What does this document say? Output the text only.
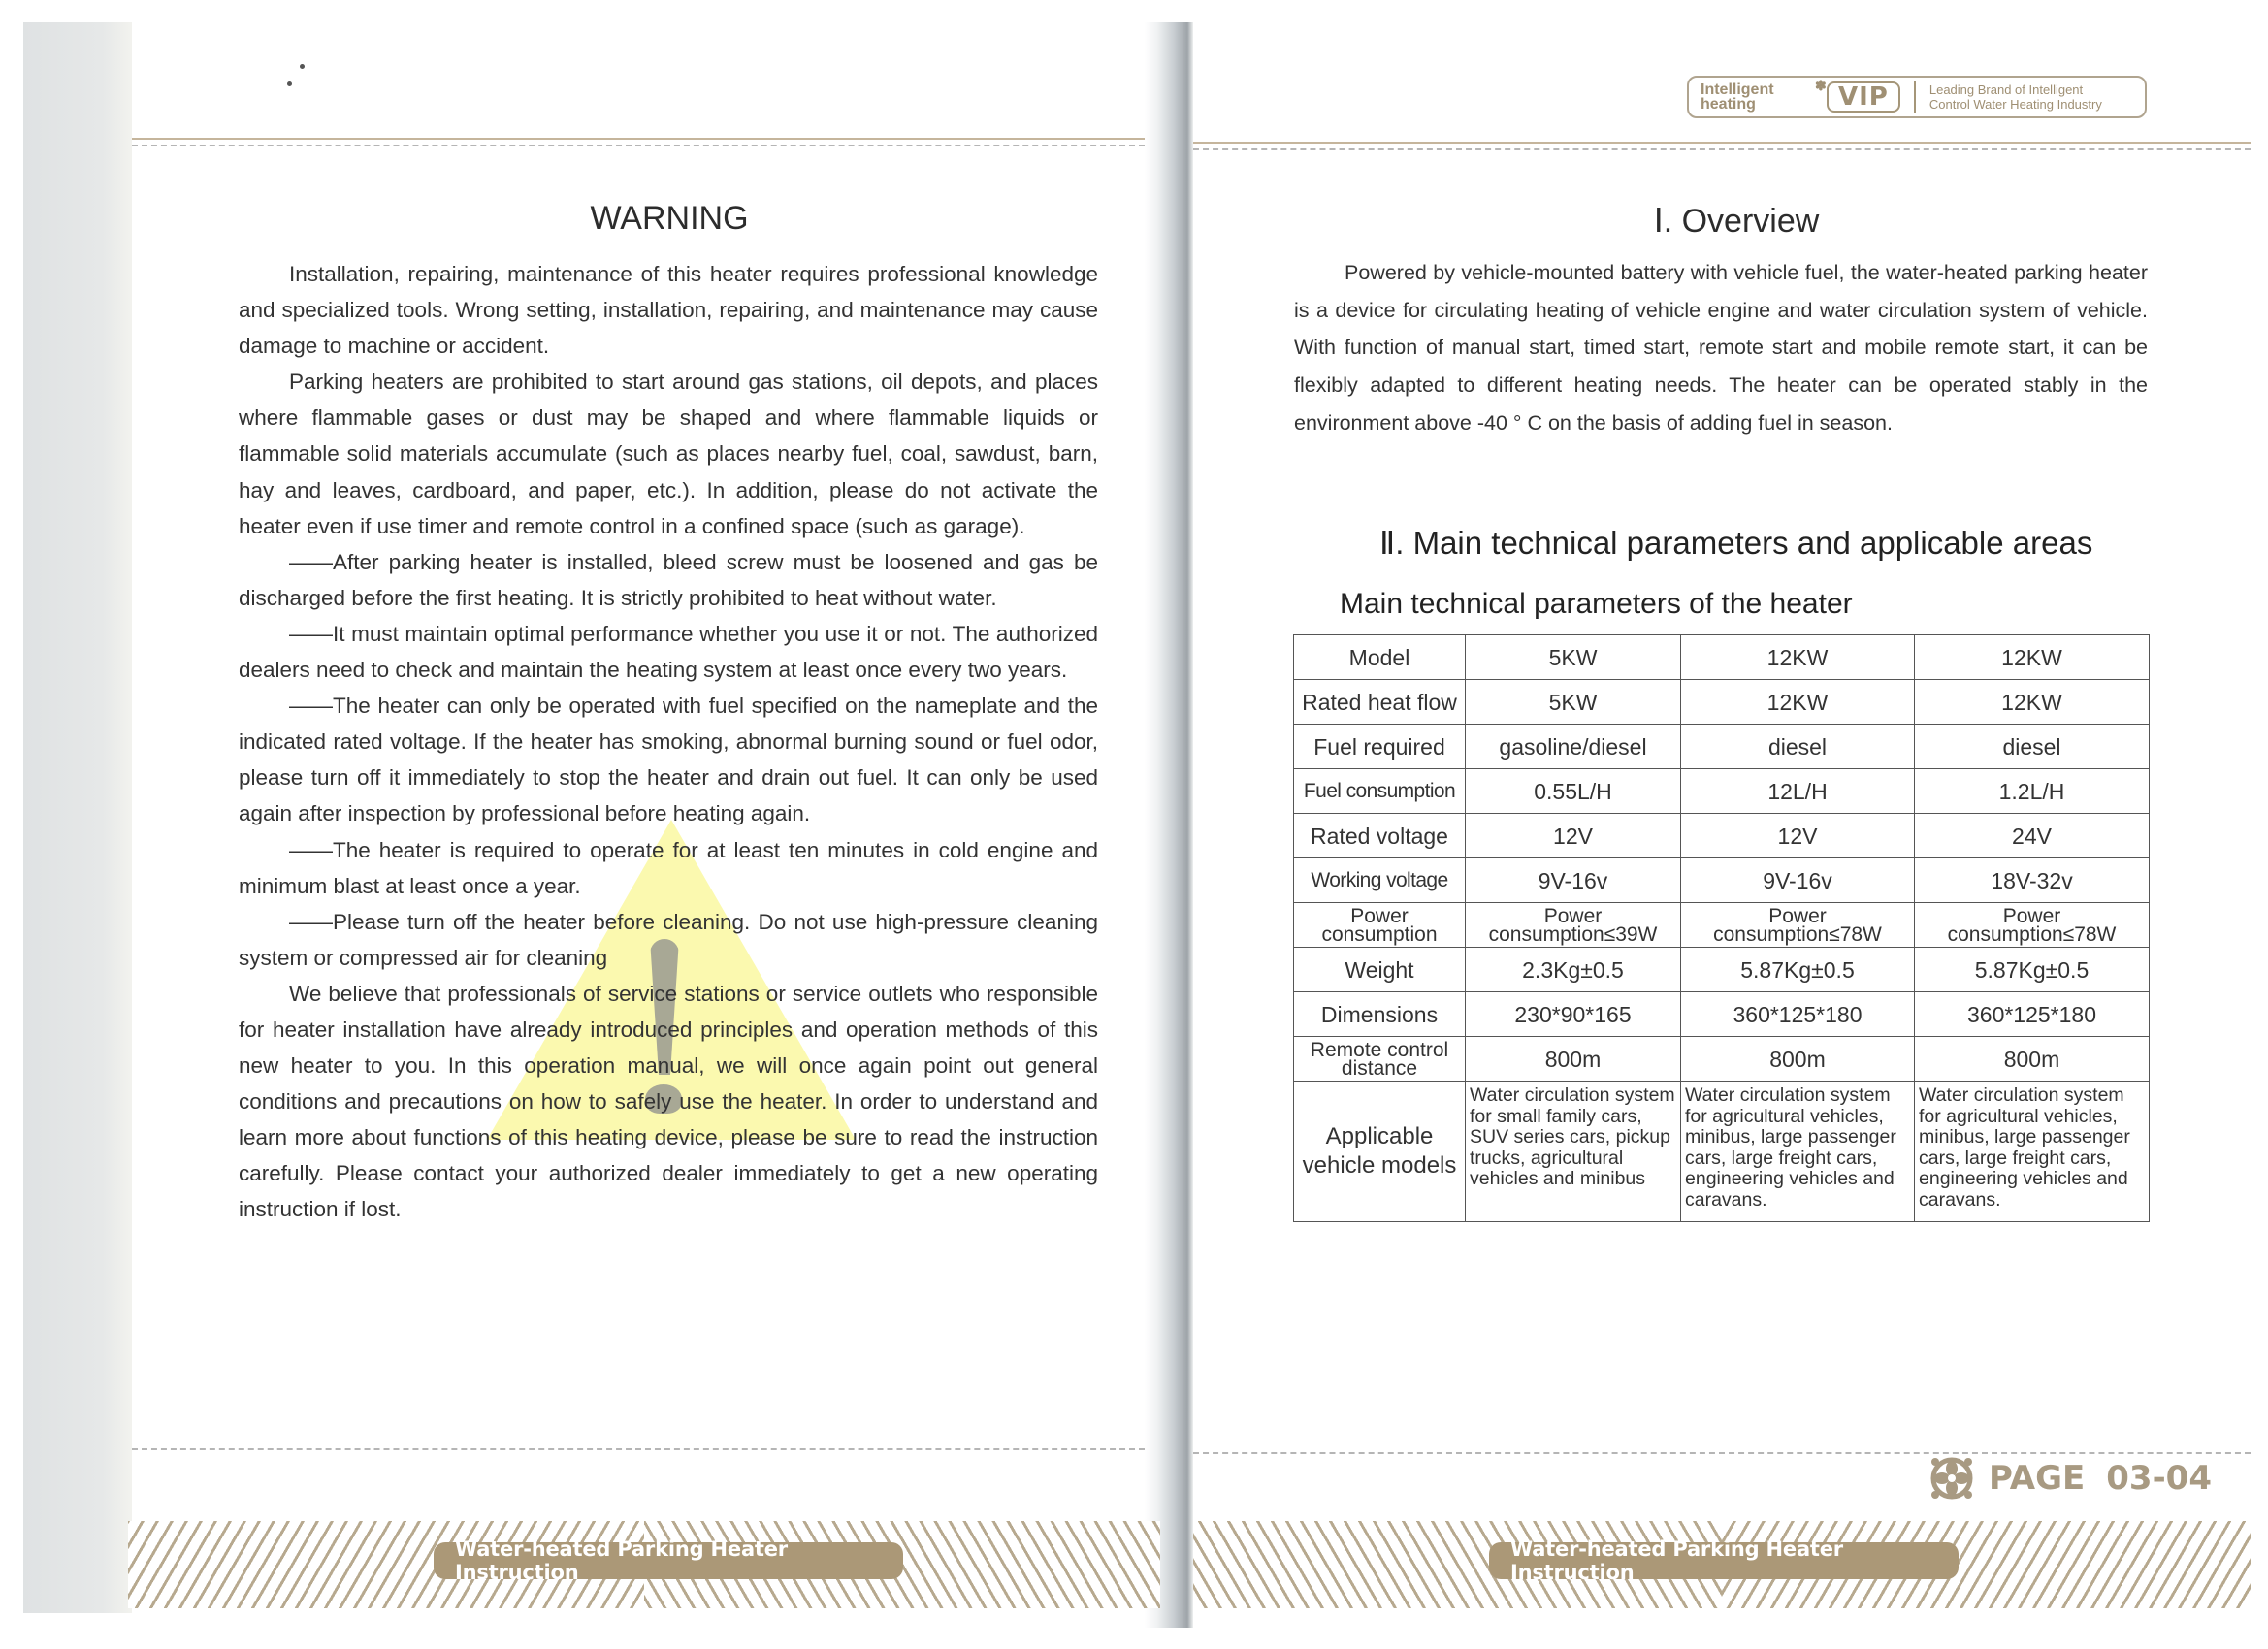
Intelligent
heating
✽ VIP	Leading Brand of Intelligent
Control Water Heating Industry
WARNING

Installation, repairing, maintenance of this heater requires professional knowledge and specialized tools. Wrong setting, installation, repairing, and maintenance may cause damage to machine or accident.

Parking heaters are prohibited to start around gas stations, oil depots, and places where flammable gases or dust may be shaped and where flammable liquids or flammable solid materials accumulate (such as places nearby fuel, coal, sawdust, barn, hay and leaves, cardboard, and paper, etc.). In addition, please do not activate the heater even if use timer and remote control in a confined space (such as garage).

——After parking heater is installed, bleed screw must be loosened and gas be discharged before the first heating. It is strictly prohibited to heat without water.

——It must maintain optimal performance whether you use it or not. The authorized dealers need to check and maintain the heating system at least once every two years.

——The heater can only be operated with fuel specified on the nameplate and the indicated rated voltage. If the heater has smoking, abnormal burning sound or fuel odor, please turn off it immediately to stop the heater and drain out fuel. It can only be used again after inspection by professional before heating again.

——The heater is required to operate for at least ten minutes in cold engine and minimum blast at least once a year.

——Please turn off the heater before cleaning. Do not use high-pressure cleaning system or compressed air for cleaning

We believe that professionals of service stations or service outlets who responsible for heater installation have already introduced principles and operation methods of this new heater to you. In this operation manual, we will once again point out general conditions and precautions on how to safely use the heater. In order to understand and learn more about functions of this heating device, please be sure to read the instruction carefully. Please contact your authorized dealer immediately to get a new operating instruction if lost.

Ⅰ. Overview

Powered by vehicle-mounted battery with vehicle fuel, the water-heated parking heater is a device for circulating heating of vehicle engine and water circulation system of vehicle. With function of manual start, timed start, remote start and mobile remote start, it can be flexibly adapted to different heating needs. The heater can be operated stably in the environment above -40 ° C on the basis of adding fuel in season.

Ⅱ. Main technical parameters and applicable areas
Main technical parameters of the heater
Model	5KW	12KW	12KW
Rated heat flow	5KW	12KW	12KW
Fuel required	gasoline/diesel	diesel	diesel
Fuel consumption	0.55L/H	12L/H	1.2L/H
Rated voltage	12V	12V	24V
Working voltage	9V-16v	9V-16v	18V-32v
Power consumption	Power consumption≤39W	Power consumption≤78W	Power consumption≤78W
Weight	2.3Kg±0.5	5.87Kg±0.5	5.87Kg±0.5
Dimensions	230*90*165	360*125*180	360*125*180
Remote control distance	800m	800m	800m
Applicable vehicle models	Water circulation system for small family cars, SUV series cars, pickup trucks, agricultural vehicles and minibus	Water circulation system for agricultural vehicles, minibus, large passenger cars, large freight cars, engineering vehicles and caravans.	Water circulation system for agricultural vehicles, minibus, large passenger cars, large freight cars, engineering vehicles and caravans.
PAGE 03-04
Water-heated Parking Heater Instruction
Water-heated Parking Heater Instruction
